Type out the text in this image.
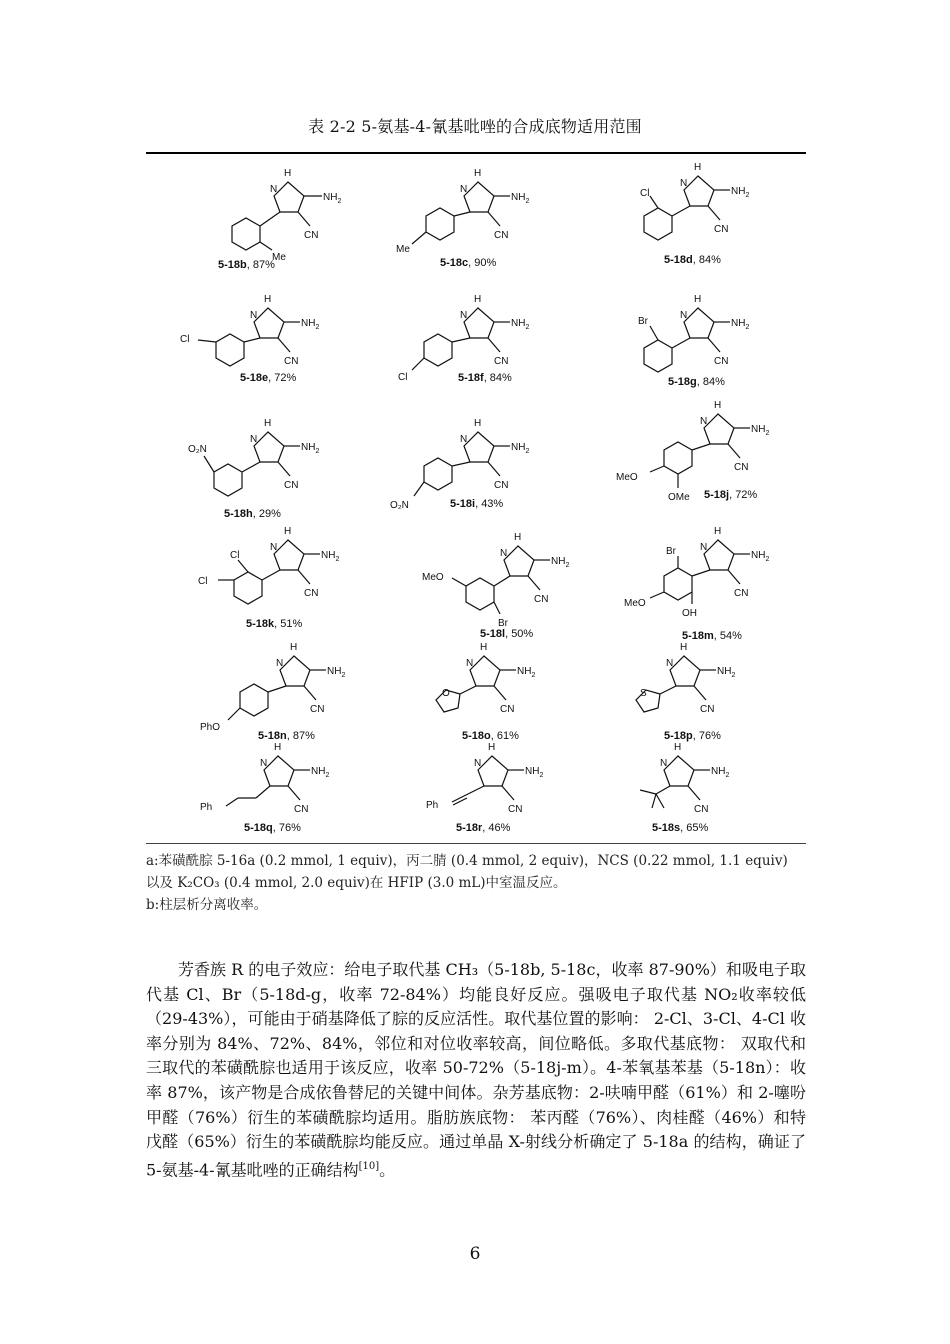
表 2-2 5-氨基-4-氰基吡唑的合成底物适用范围
H
N
$NH_2$
CN
Me
5-18b, 87%
H
N
$NH_2$
CN
Me
5-18c, 90%
H
N
$NH_2$
CN
Cl
5-18d, 84%
H
N
$NH_2$
CN
Cl
5-18e, 72%
H
N
$NH_2$
CN
Cl	5-18f, 84%
H
N
$NH_2$
CN
Br
5-18g, 84%
H
N
$NH_2$
CN
O₂N
5-18h, 29%
H
N
$NH_2$
CN
O₂N	5-18i, 43%
H
N
$NH_2$
CN
MeO
OMe 5-18j, 72%
H
N
$NH_2$
CN
Cl
Cl
5-18k, 51%
H
N
$NH_2$
CN
MeO
Br
5-18l, 50%
H
N
$NH_2$
CN
Br
MeO
OH
5-18m, 54%
H
N
$NH_2$
CN
PhO
5-18n, 87%
H
N
$NH_2$
CN
O
5-18o, 61%
H
N
$NH_2$
CN
S
5-18p, 76%
H
N
$NH_2$
CN
Ph
5-18q, 76%
H
N
$NH_2$
CN
Ph
5-18r, 46%
H
N
$NH_2$
CN
5-18s, 65%
a:苯磺酰腙 5-16a (0.2 mmol, 1 equiv)，丙二腈 (0.4 mmol, 2 equiv)，NCS (0.22 mmol, 1.1 equiv)
以及 K₂CO₃ (0.4 mmol, 2.0 equiv)在 HFIP (3.0 mL)中室温反应。
b:柱层析分离收率。

芳香族 R 的电子效应：给电子取代基 CH₃（5-18b, 5-18c，收率 87-90%）和吸电子取代基 Cl、Br（5-18d-g，收率 72-84%）均能良好反应。强吸电子取代基 NO₂收率较低（29-43%），可能由于硝基降低了腙的反应活性。取代基位置的影响： 2-Cl、3-Cl、4-Cl 收率分别为 84%、72%、84%，邻位和对位收率较高，间位略低。多取代基底物： 双取代和三取代的苯磺酰腙也适用于该反应，收率 50-72%（5-18j-m）。4-苯氧基苯基（5-18n）：收率 87%，该产物是合成依鲁替尼的关键中间体。杂芳基底物：2-呋喃甲醛（61%）和 2-噻吩甲醛（76%）衍生的苯磺酰腙均适用。脂肪族底物： 苯丙醛（76%）、肉桂醛（46%）和特戊醛（65%）衍生的苯磺酰腙均能反应。通过单晶 X-射线分析确定了 5-18a 的结构，确证了 5-氨基-4-氰基吡唑的正确结构[10]。

6
